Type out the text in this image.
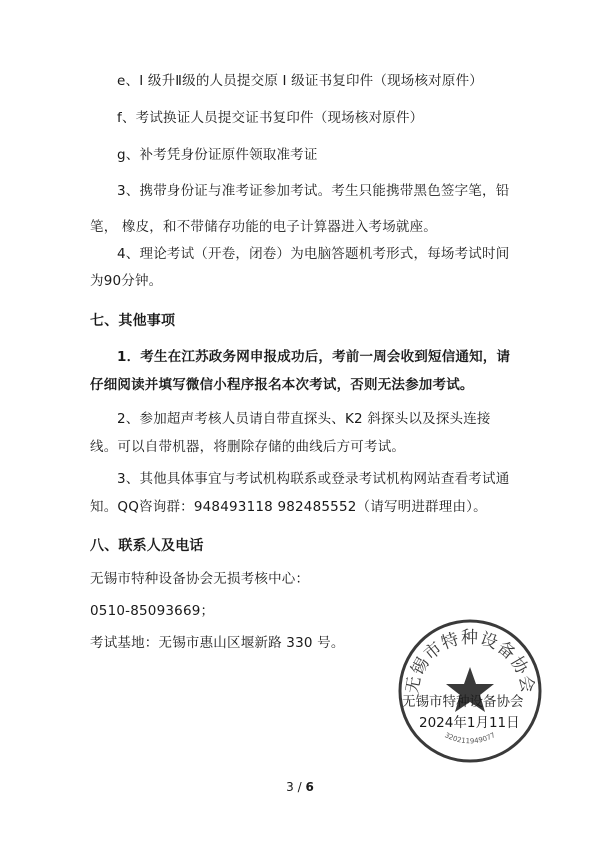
e、I 级升Ⅱ级的人员提交原 I 级证书复印件（现场核对原件）
f、考试换证人员提交证书复印件（现场核对原件）
g、补考凭身份证原件领取准考证
3、携带身份证与准考证参加考试。考生只能携带黑色签字笔，铅
笔， 橡皮，和不带储存功能的电子计算器进入考场就座。
4、理论考试（开卷，闭卷）为电脑答题机考形式，每场考试时间
为90分钟。
七、其他事项
1．考生在江苏政务网申报成功后，考前一周会收到短信通知，请
仔细阅读并填写微信小程序报名本次考试，否则无法参加考试。
2、参加超声考核人员请自带直探头、K2 斜探头以及探头连接
线。可以自带机器，将删除存储的曲线后方可考试。
3、其他具体事宜与考试机构联系或登录考试机构网站查看考试通
知。QQ咨询群：948493118 982485552（请写明进群理由）。
八、联系人及电话
无锡市特种设备协会无损考核中心：
0510-85093669；
考试基地：无锡市惠山区堰新路 330 号。
无锡市特种设备协会
320211949077
无锡市特种设备协会
2024年1月11日
3 / 6
